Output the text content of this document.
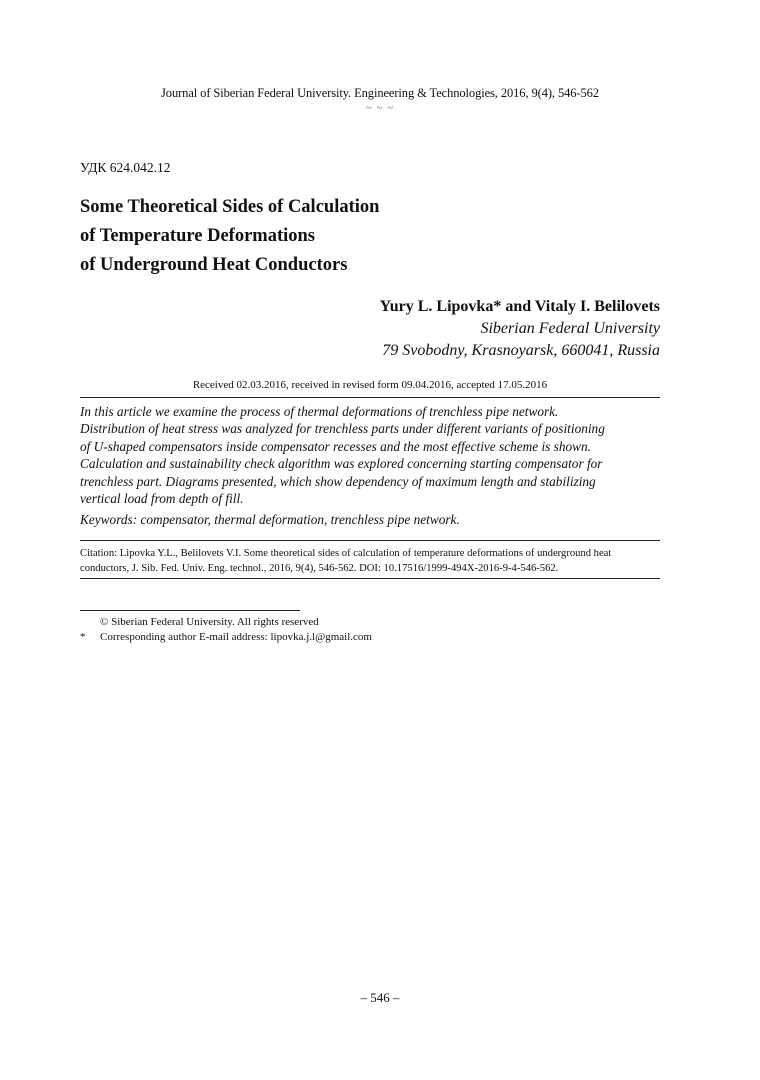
Journal of Siberian Federal University. Engineering & Technologies, 2016, 9(4), 546-562
~ ~ ~
УДК 624.042.12
Some Theoretical Sides of Calculation
of Temperature Deformations
of Underground Heat Conductors
Yury L. Lipovka* and Vitaly I. Belilovets
Siberian Federal University
79 Svobodny, Krasnoyarsk, 660041, Russia
Received 02.03.2016, received in revised form 09.04.2016, accepted 17.05.2016
In this article we examine the process of thermal deformations of trenchless pipe network.
Distribution of heat stress was analyzed for trenchless parts under different variants of positioning
of U-shaped compensators inside compensator recesses and the most effective scheme is shown.
Calculation and sustainability check algorithm was explored concerning starting compensator for
trenchless part. Diagrams presented, which show dependency of maximum length and stabilizing
vertical load from depth of fill.
Keywords: compensator, thermal deformation, trenchless pipe network.
Citation: Lipovka Y.L., Belilovets V.I. Some theoretical sides of calculation of temperature deformations of underground heat
conductors, J. Sib. Fed. Univ. Eng. technol., 2016, 9(4), 546-562. DOI: 10.17516/1999-494X-2016-9-4-546-562.
© Siberian Federal University. All rights reserved
*	Corresponding author E-mail address: lipovka.j.l@gmail.com
– 546 –
